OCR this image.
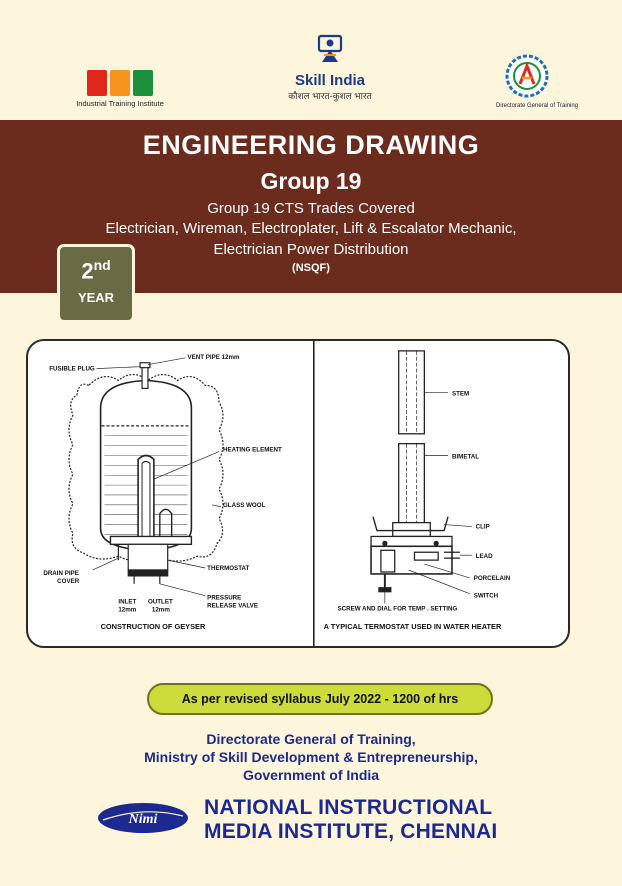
Industrial Training Institute
Skill India
कौशल भारत-कुशल भारत
Directorate General of Training
ENGINEERING DRAWING
Group 19
Group 19 CTS Trades Covered
Electrician, Wireman, Electroplater, Lift & Escalator Mechanic,
Electrician Power Distribution
(NSQF)
2nd
YEAR
FUSIBLE PLUG
VENT PIPE 12mm
HEATING ELEMENT
GLASS WOOL
DRAIN PIPE
COVER
THERMOSTAT
INLET
12mm
OUTLET
12mm
PRESSURE
RELEASE VALVE
CONSTRUCTION OF GEYSER
STEM
BIMETAL
CLIP
LEAD
PORCELAIN
SWITCH
SCREW AND DIAL FOR TEMP . SETTING
A TYPICAL TERMOSTAT USED IN WATER HEATER
As per revised syllabus July 2022 - 1200 of hrs
Directorate General of Training,
Ministry of Skill Development & Entrepreneurship,
Government of India
Nimi
NATIONAL INSTRUCTIONAL
MEDIA INSTITUTE, CHENNAI
